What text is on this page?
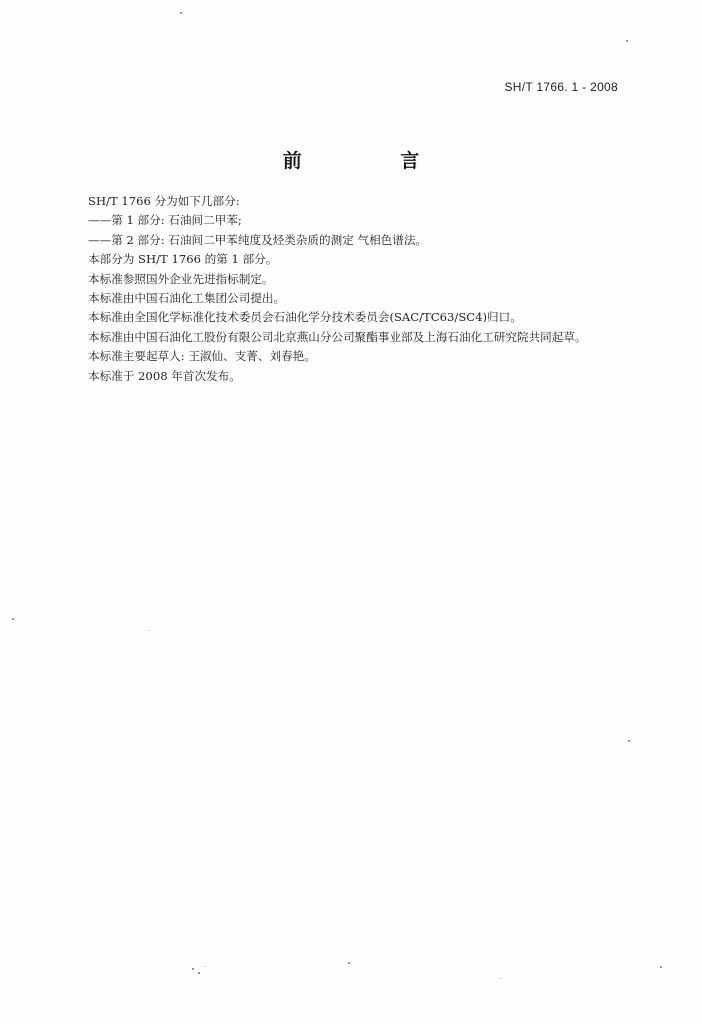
SH/T 1766. 1 - 2008
前 言

SH/T 1766 分为如下几部分:

——第 1 部分: 石油间二甲苯;

——第 2 部分: 石油间二甲苯纯度及烃类杂质的测定 气相色谱法。

本部分为 SH/T 1766 的第 1 部分。

本标准参照国外企业先进指标制定。

本标准由中国石油化工集团公司提出。

本标准由全国化学标准化技术委员会石油化学分技术委员会(SAC/TC63/SC4)归口。

本标准由中国石油化工股份有限公司北京燕山分公司聚酯事业部及上海石油化工研究院共同起草。

本标准主要起草人: 王淑仙、支菁、刘春艳。

本标准于 2008 年首次发布。
